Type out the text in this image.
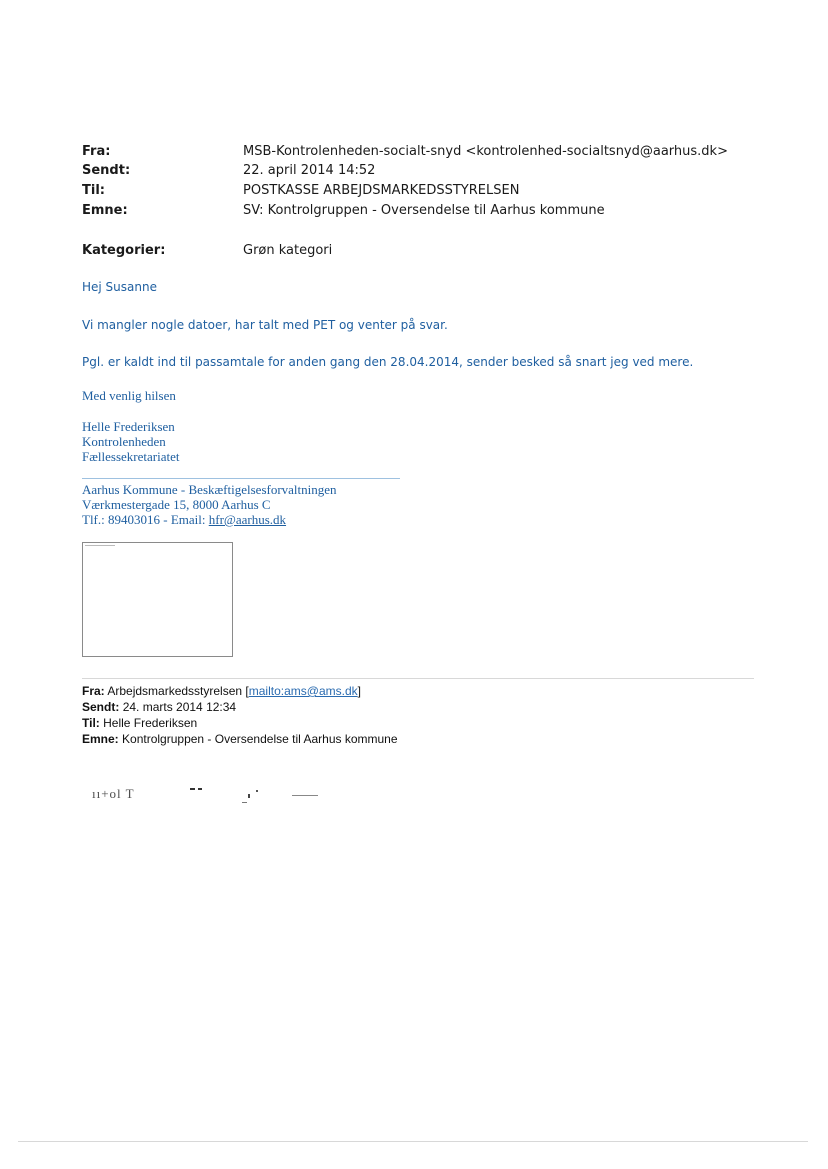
Fra:	MSB-Kontrolenheden-socialt-snyd <kontrolenhed-socialtsnyd@aarhus.dk>
Sendt:	22. april 2014 14:52
Til:	POSTKASSE ARBEJDSMARKEDSSTYRELSEN
Emne:	SV: Kontrolgruppen - Oversendelse til Aarhus kommune
Kategorier:	Grøn kategori
Hej Susanne
Vi mangler nogle datoer, har talt med PET og venter på svar.
Pgl. er kaldt ind til passamtale for anden gang den 28.04.2014, sender besked så snart jeg ved mere.
Med venlig hilsen
Helle Frederiksen
Kontrolenheden
Fællessekretariatet
Aarhus Kommune - Beskæftigelsesforvaltningen
Værkmestergade 15, 8000 Aarhus C
Tlf.: 89403016 - Email: hfr@aarhus.dk
Fra: Arbejdsmarkedsstyrelsen [mailto:ams@ams.dk]
Sendt: 24. marts 2014 12:34
Til: Helle Frederiksen
Emne: Kontrolgruppen - Oversendelse til Aarhus kommune
ıı+ol T
